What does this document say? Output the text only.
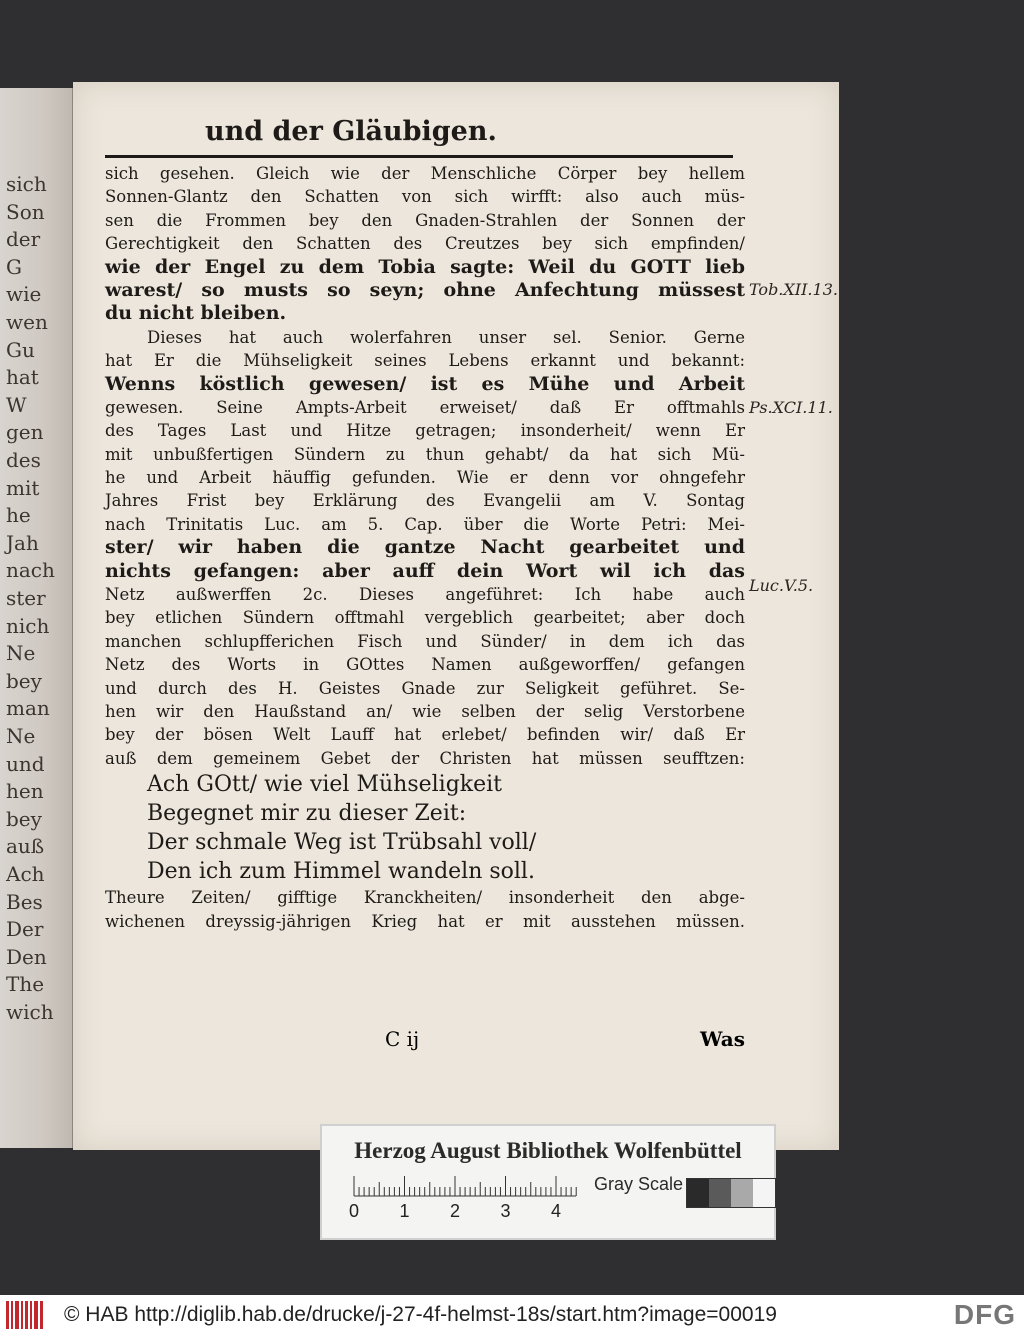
sich
Son
der
G
wie
wen
Gu
hat
W
gen
des
mit
he
Jah
nach
ster
nich
Ne
bey
man
Ne
und
hen
bey
auß
Ach
Bes
Der
Den
The
wich
und der Gläubigen.
sich gesehen. Gleich wie der Menschliche Cörper bey hellem
Sonnen-Glantz den Schatten von sich wirfft: also auch müs-
sen die Frommen bey den Gnaden-Strahlen der Sonnen der
Gerechtigkeit den Schatten des Creutzes bey sich empfinden/
wie der Engel zu dem Tobia sagte: Weil du GOTT lieb
warest/ so musts so seyn; ohne Anfechtung müssest
du nicht bleiben.
Dieses hat auch wolerfahren unser sel. Senior. Gerne
hat Er die Mühseligkeit seines Lebens erkannt und bekannt:
Wenns köstlich gewesen/ ist es Mühe und Arbeit
gewesen. Seine Ampts-Arbeit erweiset/ daß Er offtmahls
des Tages Last und Hitze getragen; insonderheit/ wenn Er
mit unbußfertigen Sündern zu thun gehabt/ da hat sich Mü-
he und Arbeit häuffig gefunden. Wie er denn vor ohngefehr
Jahres Frist bey Erklärung des Evangelii am V. Sontag
nach Trinitatis Luc. am 5. Cap. über die Worte Petri: Mei-
ster/ wir haben die gantze Nacht gearbeitet und
nichts gefangen: aber auff dein Wort wil ich das
Netz außwerffen 2c. Dieses angeführet: Ich habe auch
bey etlichen Sündern offtmahl vergeblich gearbeitet; aber doch
manchen schlupfferichen Fisch und Sünder/ in dem ich das
Netz des Worts in GOttes Namen außgeworffen/ gefangen
und durch des H. Geistes Gnade zur Seligkeit geführet. Se-
hen wir den Haußstand an/ wie selben der selig Verstorbene
bey der bösen Welt Lauff hat erlebet/ befinden wir/ daß Er
auß dem gemeinem Gebet der Christen hat müssen seufftzen:
Ach GOtt/ wie viel Mühseligkeit
Begegnet mir zu dieser Zeit:
Der schmale Weg ist Trübsahl voll/
Den ich zum Himmel wandeln soll.
Theure Zeiten/ gifftige Kranckheiten/ insonderheit den abge-
wichenen dreyssig-jährigen Krieg hat er mit ausstehen müssen.
Tob.XII.13.
Ps.XCI.11.
Luc.V.5.
C ij	Was
Herzog August Bibliothek Wolfenbüttel
0 1 2 3 4
Gray Scale
© HAB http://diglib.hab.de/drucke/j-27-4f-helmst-18s/start.htm?image=00019	DFG
